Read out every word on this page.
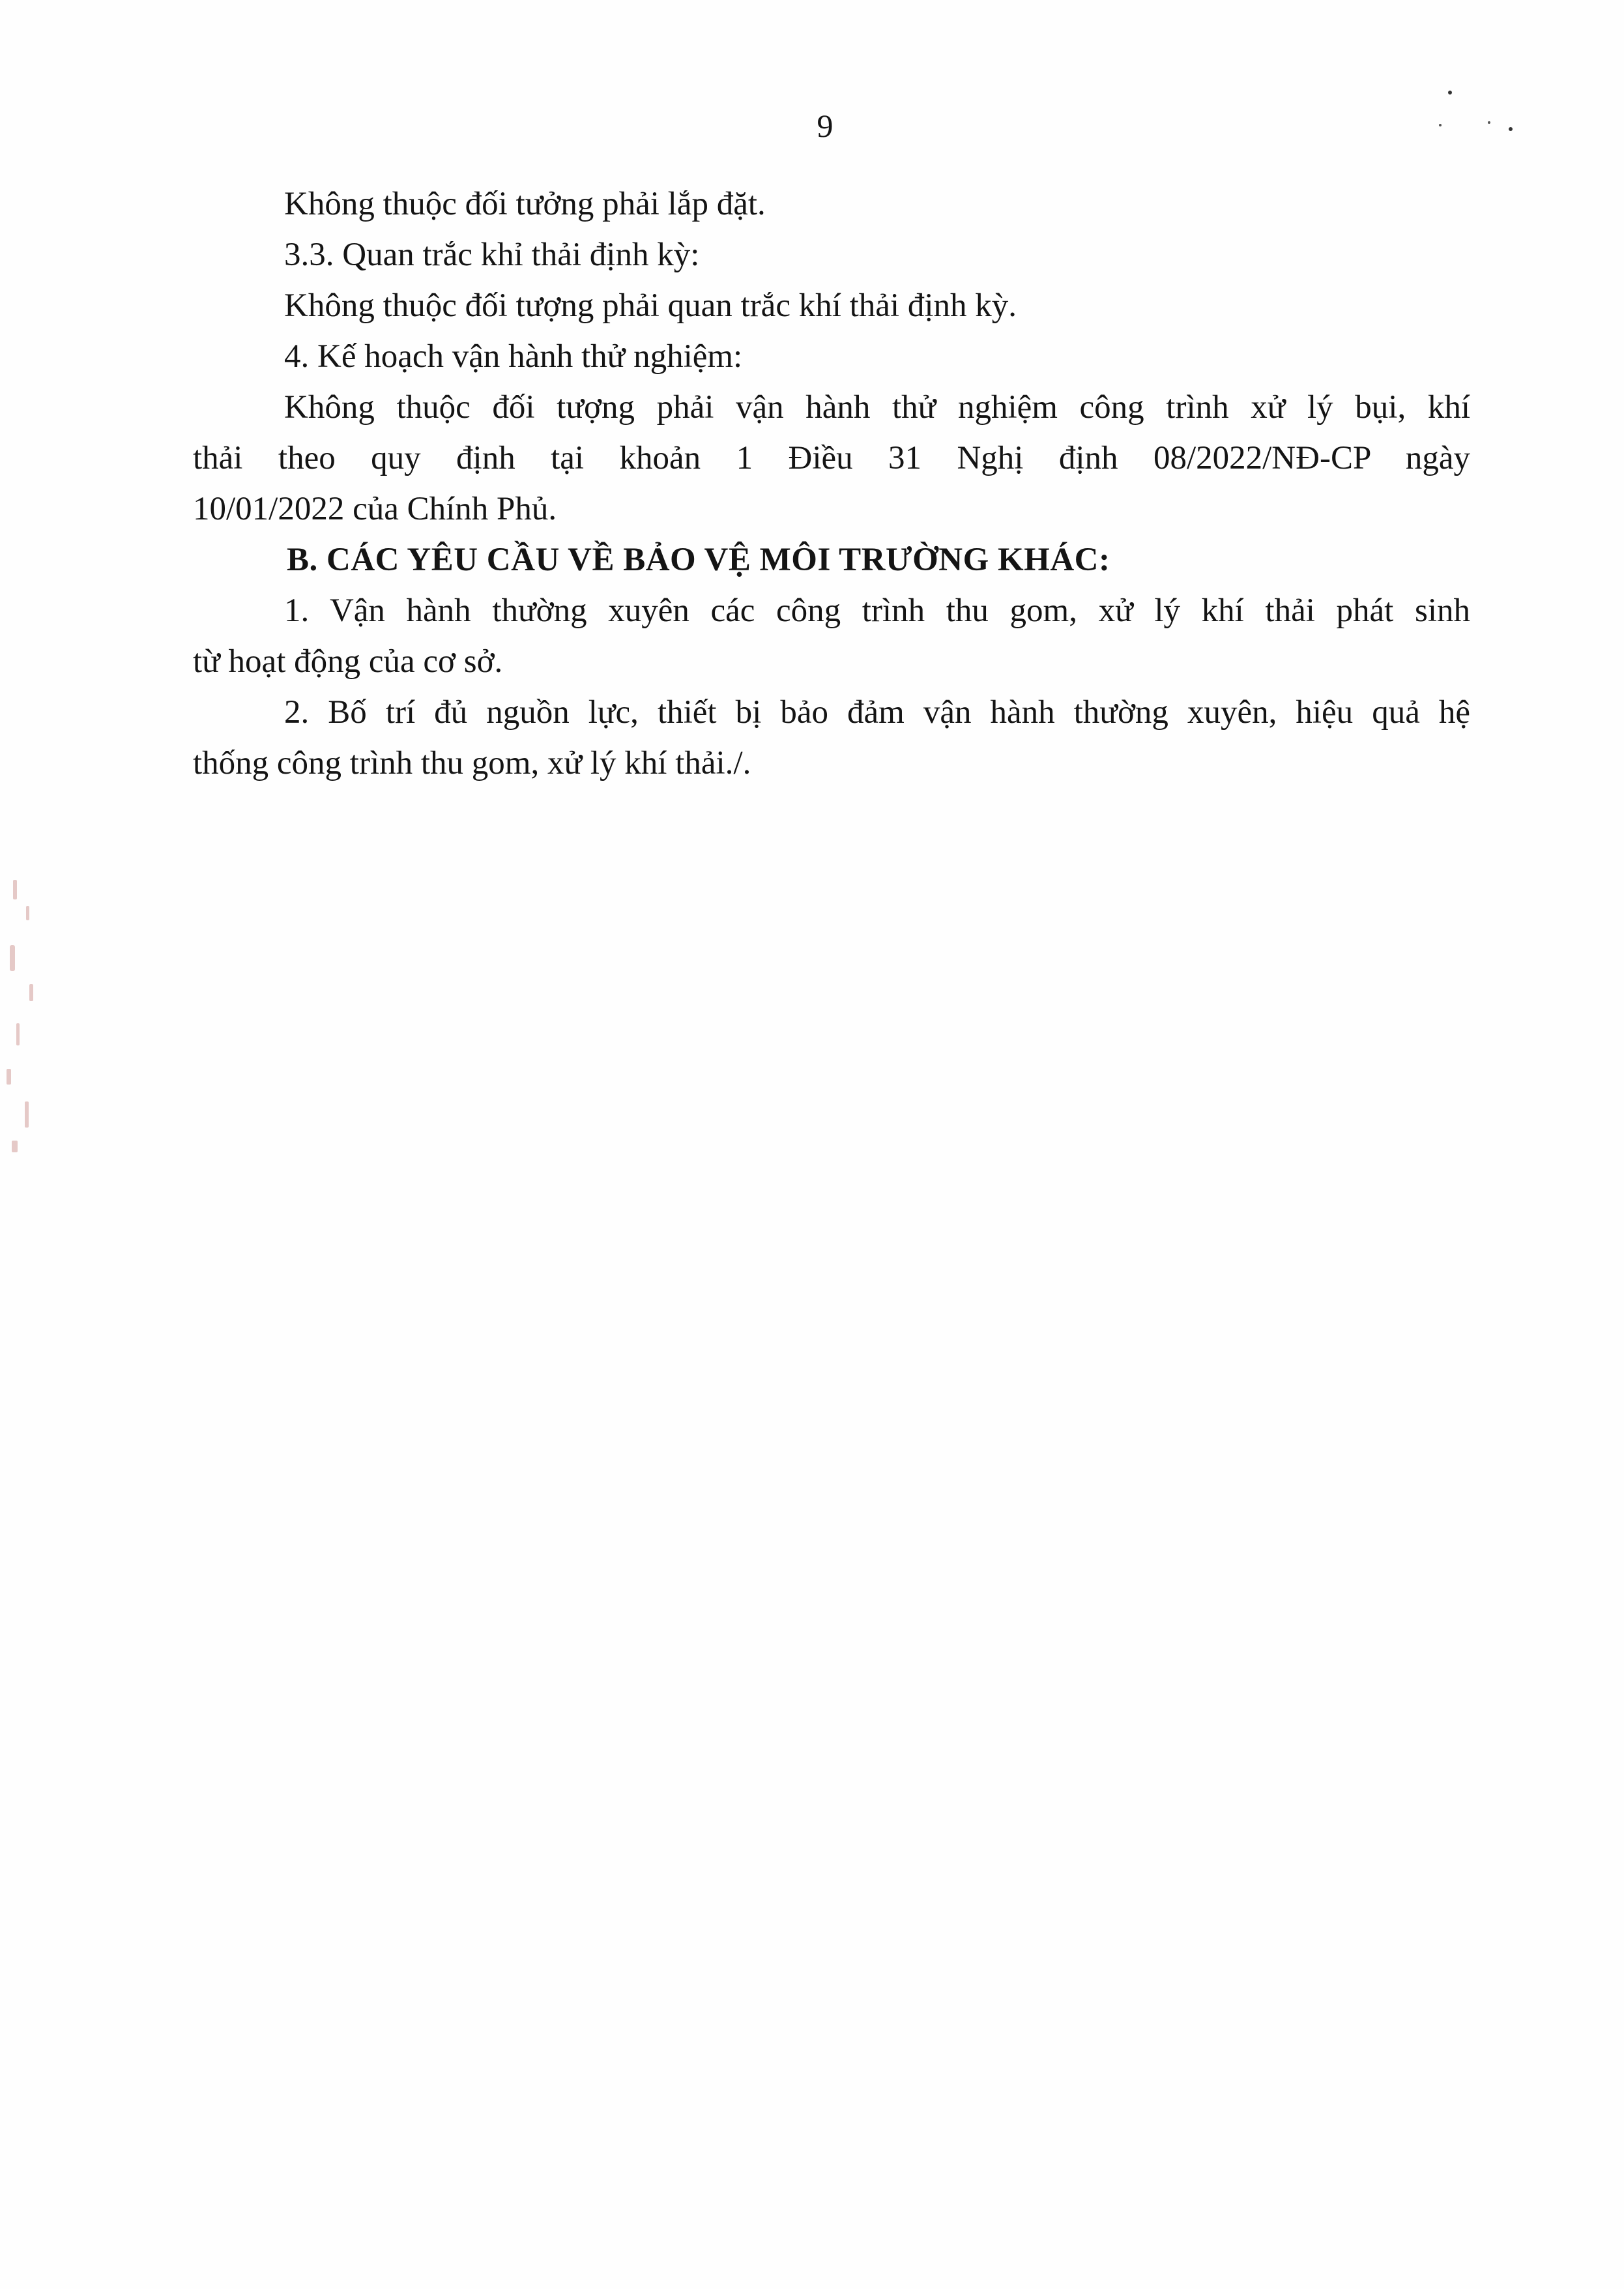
9
Không thuộc đối tưởng phải lắp đặt.
3.3. Quan trắc khỉ thải định kỳ:
Không thuộc đối tượng phải quan trắc khí thải định kỳ.
4. Kế hoạch vận hành thử nghiệm:
Không thuộc đối tượng phải vận hành thử nghiệm công trình xử lý bụi, khí
thải theo quy định tại khoản 1 Điều 31 Nghị định 08/2022/NĐ-CP ngày
10/01/2022 của Chính Phủ.
B. CÁC YÊU CẦU VỀ BẢO VỆ MÔI TRƯỜNG KHÁC:
1. Vận hành thường xuyên các công trình thu gom, xử lý khí thải phát sinh
từ hoạt động của cơ sở.
2. Bố trí đủ nguồn lực, thiết bị bảo đảm vận hành thường xuyên, hiệu quả hệ
thống công trình thu gom, xử lý khí thải./.
